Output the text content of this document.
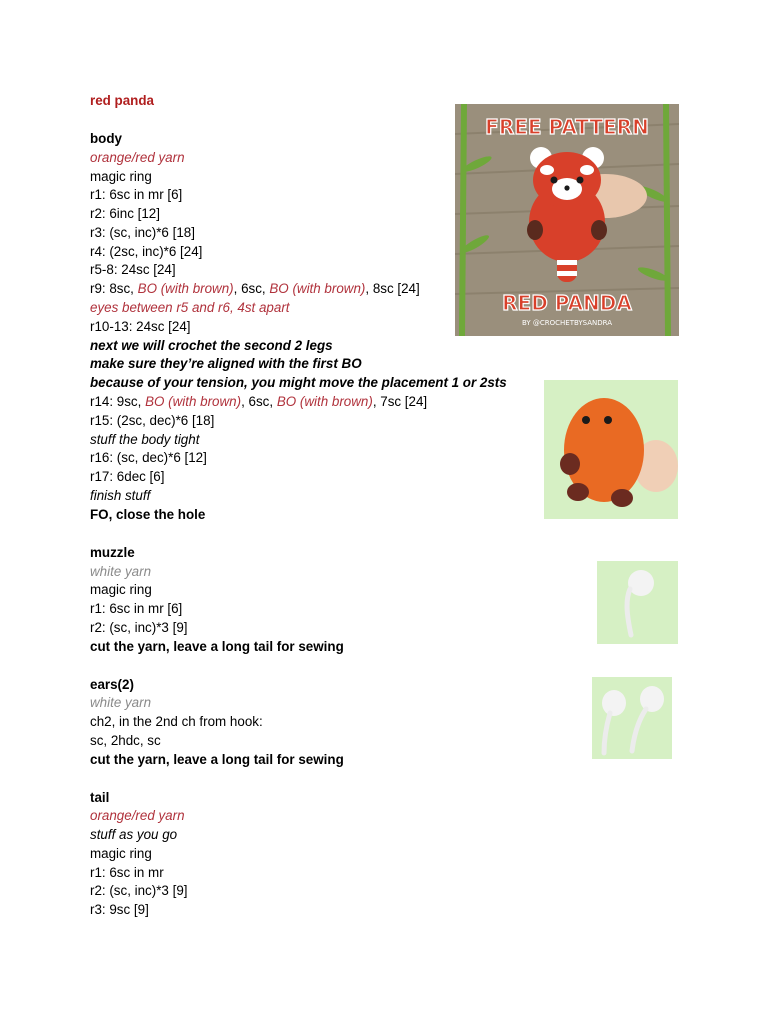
red panda
body
orange/red yarn
magic ring
r1: 6sc in mr [6]
r2: 6inc [12]
r3: (sc, inc)*6 [18]
r4: (2sc, inc)*6 [24]
r5-8: 24sc [24]
r9: 8sc, BO (with brown), 6sc, BO (with brown), 8sc [24]
eyes between r5 and r6, 4st apart
r10-13: 24sc [24]
next we will crochet the second 2 legs
make sure they’re aligned with the first BO
because of your tension, you might move the placement 1 or 2sts
r14: 9sc, BO (with brown), 6sc, BO (with brown), 7sc [24]
r15: (2sc, dec)*6 [18]
stuff the body tight
r16: (sc, dec)*6 [12]
r17: 6dec [6]
finish stuff
FO, close the hole
muzzle
white yarn
magic ring
r1: 6sc in mr [6]
r2: (sc, inc)*3 [9]
cut the yarn, leave a long tail for sewing
ears(2)
white yarn
ch2, in the 2nd ch from hook:
sc, 2hdc, sc
cut the yarn, leave a long tail for sewing
tail
orange/red yarn
stuff as you go
magic ring
r1: 6sc in mr
r2: (sc, inc)*3 [9]
r3: 9sc [9]
FREE PATTERN
RED PANDA
BY @CROCHETBYSANDRA
